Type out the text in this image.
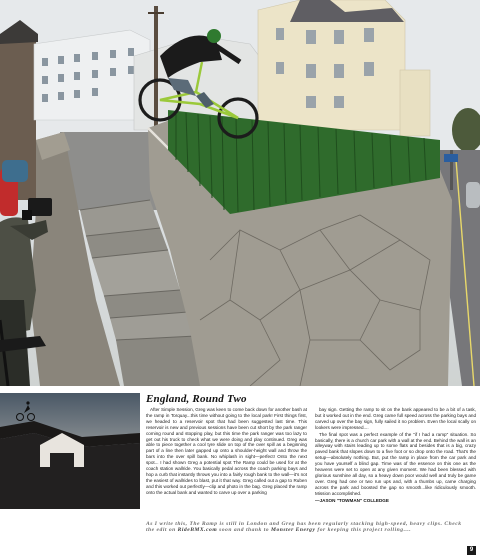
England, Round Two

After Simple Session, Greg was keen to come back down for another bash at the ramp in Torquay...this time without going to the local park! First things first, we headed to a reservoir spot that had been suggested last time. This reservoir is new and previous sessions have been cut short by the park ranger coming round and stopping play, but this time the park ranger was too lazy to get out his truck to check what we were doing and play continued. Greg was able to piece together a cool tyre slide on top of the over spill as a beginning part of a line then later gapped up onto a shoulder-height wall and throw the bars into the over spill bank. No whiplash in sight—perfect! Onto the next spot... I had shown Greg a potential spot The Ramp could be used for at the coach station wallride. You basically pedal across the coach parking bays and hop a curb that instantly throws you into a fairly rough bank to the wall—it's not the easiest of wallrides to blast, put it that way. Greg called out a gap to Ruben and this worked out perfectly—clip and photo in the bag. Greg placed the ramp onto the actual bank and wanted to carve up over a parking

bay sign. Getting the ramp to sit on the bank appeared to be a bit of a task, but it worked out in the end. Greg came full speed across the parking bays and carved up over the bay sign, fully sailed it no problem. Even the local scally on lookers were impressed....

The final spot was a perfect example of the "if I had a ramp" situation. So basically, there is a church car park with a wall at the end. Behind the wall is an alleyway with stairs leading up to some flats and besides that is a big, crazy paved bank that slopes down to a five foot or so drop onto the road. That's the setup—absolutely nothing. But, put the ramp in place from the car park and you have yourself a blind gap. Time was of the essence on this one as the heavens were set to open at any given moment. We had been blessed with glorious sunshine all day, so a heavy down poor would well and truly be game over. Greg had one or two run ups and, with a thumbs up, came charging across the park and boosted the gap so smooth...like ridiculously smooth. Mission accomplished.

—JASON "TOWMAN" COLLEDGE
As I write this, The Ramp is still in London and Greg has been regularly stacking high-speed, heavy clips. Check the edit on RideBMX.com soon and thank to Monster Energy for keeping this project rolling....
9
